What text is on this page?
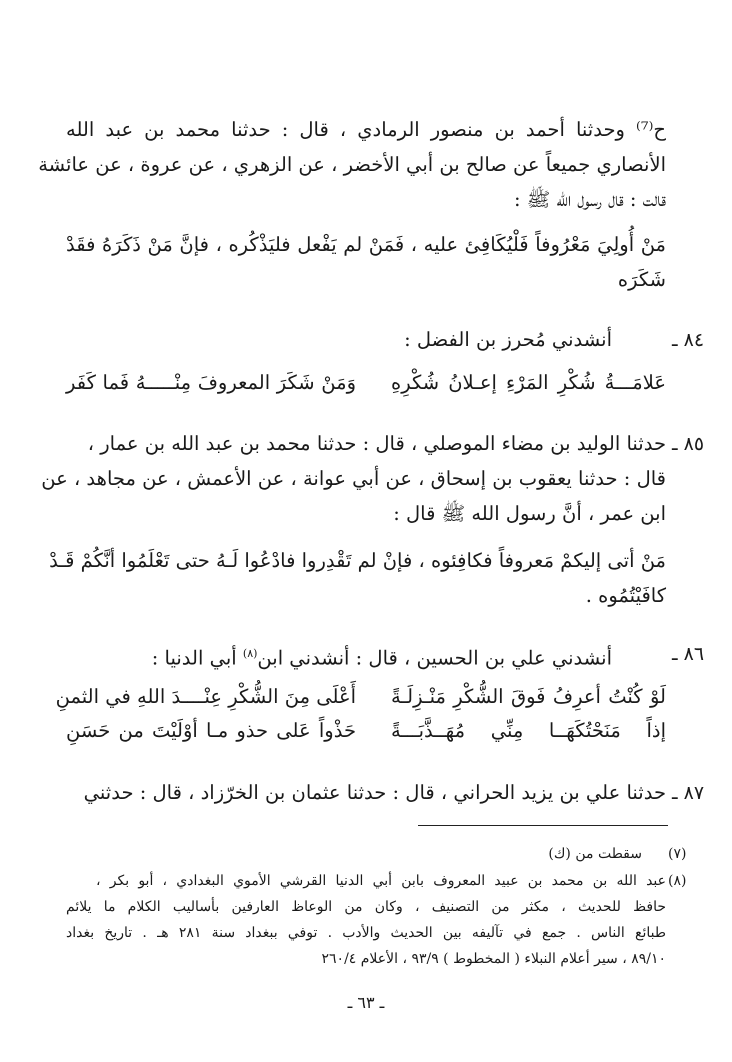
ح⁽⁷⁾ وحدثنا أحمد بن منصور الرمادي ، قال : حدثنا محمد بن عبد الله
الأنصاري جميعاً عن صالح بن أبي الأخضر ، عن الزهري ، عن عروة ، عن عائشة
قالت : قال رسول الله ﷺ :
مَنْ أُولِيَ مَعْرُوفاً فَلْيُكَافِئ عليه ، فَمَنْ لم يَفْعل فليَذْكُره ، فإنَّ مَنْ ذَكَرَهُ فقَدْ
شَكَرَه
٨٤ ـ
أنشدني مُحرز بن الفضل :
عَلامَـــةُ شُكْرِ المَرْءِ إعـلانُ شُكْرِهِ
وَمَنْ شَكَرَ المعروفَ مِنْـــــهُ فَما كَفَر
٨٥ ـ
حدثنا الوليد بن مضاء الموصلي ، قال : حدثنا محمد بن عبد الله بن عمار ،
قال : حدثنا يعقوب بن إسحاق ، عن أبي عوانة ، عن الأعمش ، عن مجاهد ، عن
ابن عمر ، أنَّ رسول الله ﷺ قال :
مَنْ أتى إليكمْ مَعروفاً فكافِئوه ، فإنْ لم تَقْدِروا فادْعُوا لَـهُ حتى تَعْلَمُوا أنَّكُمْ قَـدْ
كافَيْتُمُوه .
٨٦ ـ
أنشدني علي بن الحسين ، قال : أنشدني ابن$^{(٨)}$ أبي الدنيا :
لَوْ كُنْتُ أعرِفُ فَوقَ الشُّكْرِ مَنْـزِلَـةً
أَعْلَى مِنَ الشُّكْرِ عِنْــــدَ اللهِ في الثمنِ
إذاً مَنَحْتُكَهَــا مِنِّي مُهَــذَّبَـــةً
حَذْواً عَلى حذو مـا أوْلَيْتَ من حَسَنِ
٨٧ ـ
حدثنا علي بن يزيد الحراني ، قال : حدثنا عثمان بن الخرّزاد ، قال : حدثني
(٧)
سقطت من (ك)
(٨)
عبد الله بن محمد بن عبيد المعروف بابن أبي الدنيا القرشي الأموي البغدادي ، أبو بكر ،
حافظ للحديث ، مكثر من التصنيف ، وكان من الوعاظ العارفين بأساليب الكلام ما يلائم
طبائع الناس . جمع في تآليفه بين الحديث والأدب . توفي ببغداد سنة ٢٨١ هـ . تاريخ بغداد
٨٩/١٠ ، سير أعلام النبلاء ( المخطوط ) ٩٣/٩ ، الأعلام ٢٦٠/٤
ـ ٦٣ ـ
